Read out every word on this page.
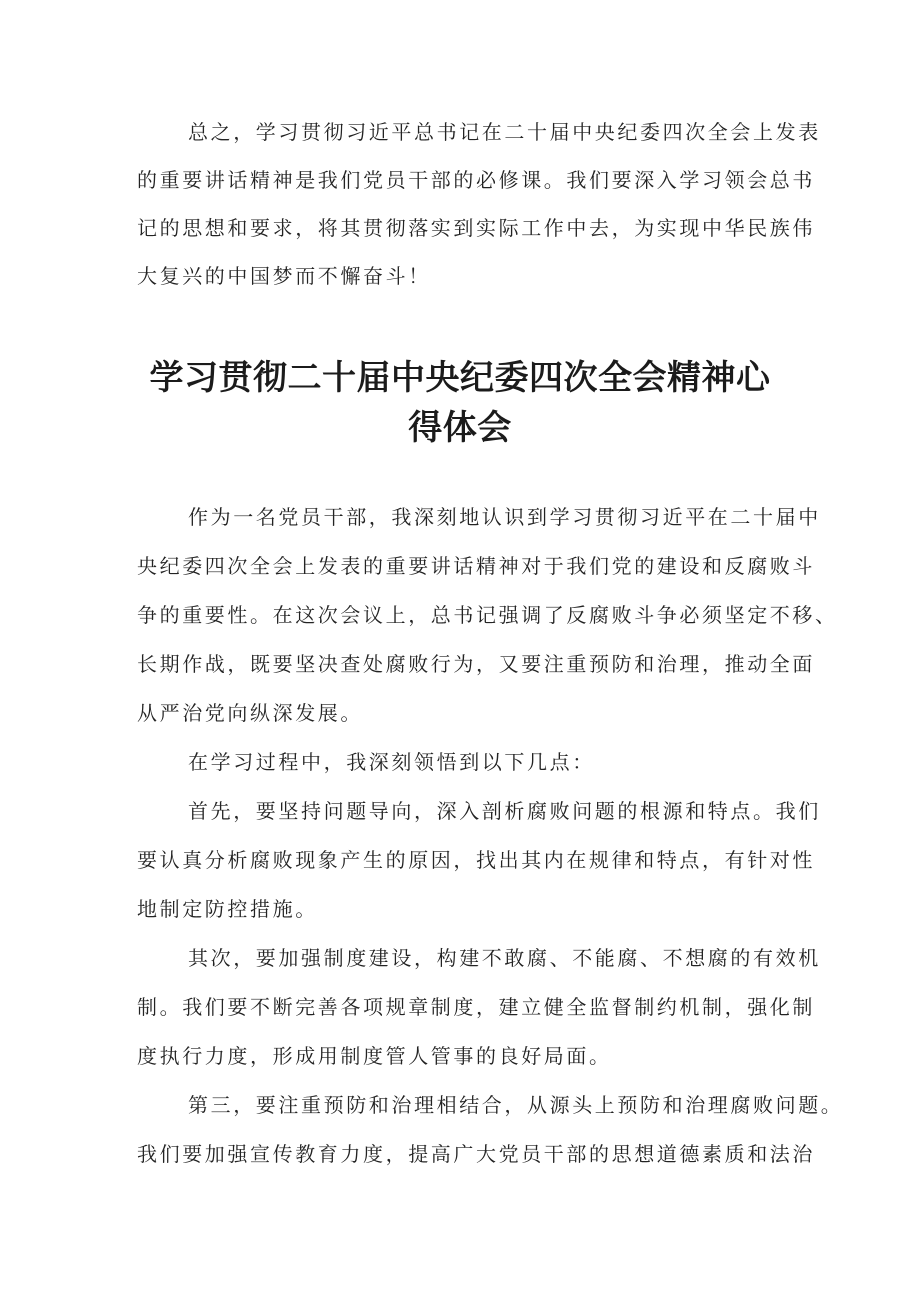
总之，学习贯彻习近平总书记在二十届中央纪委四次全会上发表

的重要讲话精神是我们党员干部的必修课。我们要深入学习领会总书

记的思想和要求，将其贯彻落实到实际工作中去，为实现中华民族伟

大复兴的中国梦而不懈奋斗！

学习贯彻二十届中央纪委四次全会精神心
得体会

作为一名党员干部，我深刻地认识到学习贯彻习近平在二十届中

央纪委四次全会上发表的重要讲话精神对于我们党的建设和反腐败斗

争的重要性。在这次会议上，总书记强调了反腐败斗争必须坚定不移、

长期作战，既要坚决查处腐败行为，又要注重预防和治理，推动全面

从严治党向纵深发展。

在学习过程中，我深刻领悟到以下几点：

首先，要坚持问题导向，深入剖析腐败问题的根源和特点。我们

要认真分析腐败现象产生的原因，找出其内在规律和特点，有针对性

地制定防控措施。

其次，要加强制度建设，构建不敢腐、不能腐、不想腐的有效机

制。我们要不断完善各项规章制度，建立健全监督制约机制，强化制

度执行力度，形成用制度管人管事的良好局面。

第三，要注重预防和治理相结合，从源头上预防和治理腐败问题。

我们要加强宣传教育力度，提高广大党员干部的思想道德素质和法治
